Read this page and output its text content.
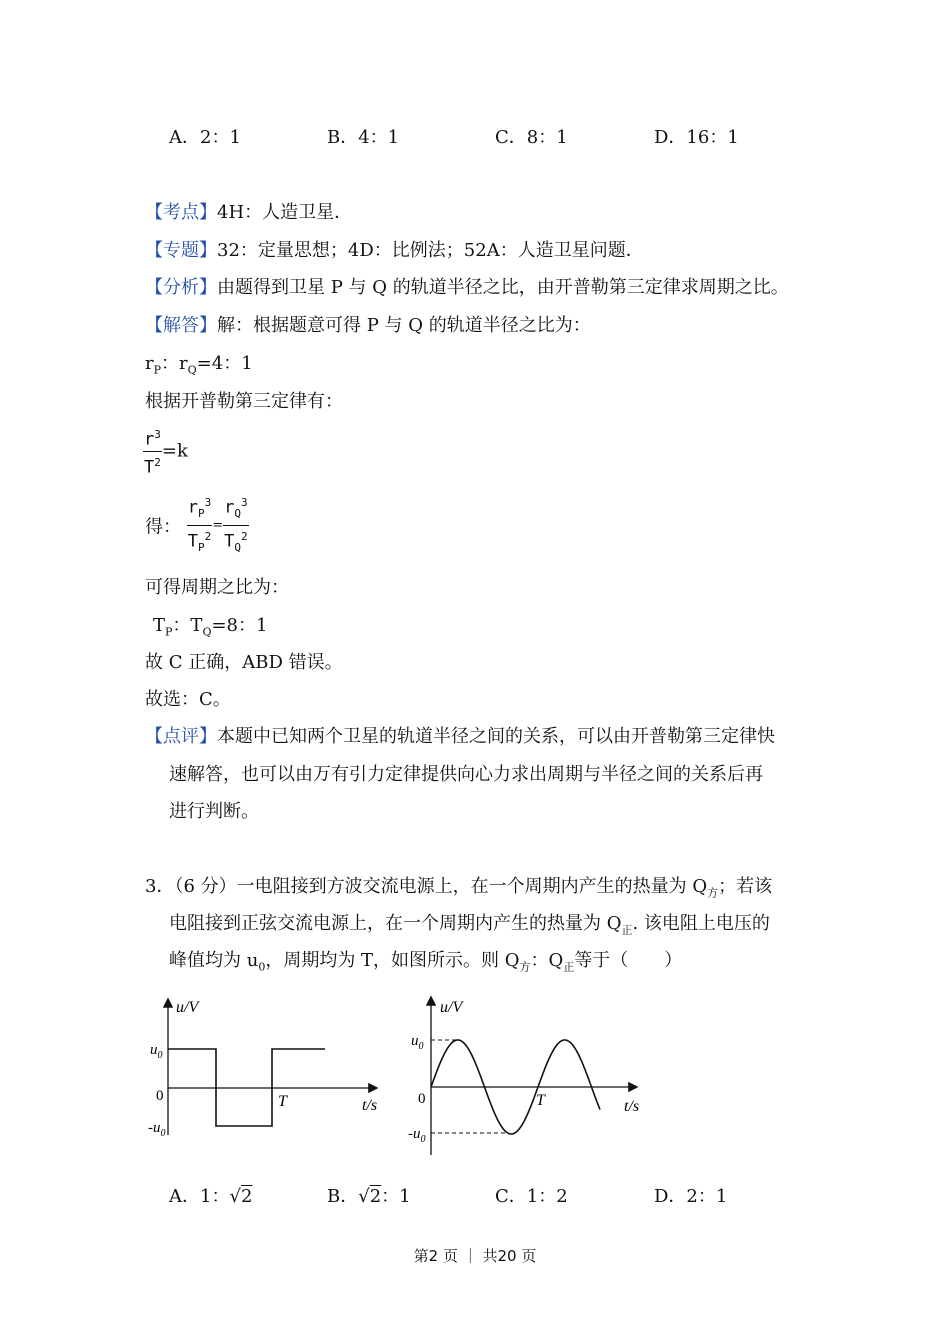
A．2：1	B．4：1	C．8：1	D．16：1
【考点】4H：人造卫星．
【专题】32：定量思想；4D：比例法；52A：人造卫星问题．
【分析】由题得到卫星 P 与 Q 的轨道半径之比，由开普勒第三定律求周期之比。
【解答】解：根据题意可得 P 与 Q 的轨道半径之比为：
$r_P$：$r_Q=4$：1
根据开普勒第三定律有：
$\frac{r^3}{T^2} =k$
得： $\frac{r_P^3}{T_P^2} = \frac{r_Q^3}{T_Q^2}$
可得周期之比为：
$T_P$：$T_Q=8$：1
故 C 正确，ABD 错误。
故选：C。
【点评】本题中已知两个卫星的轨道半径之间的关系，可以由开普勒第三定律快
速解答，也可以由万有引力定律提供向心力求出周期与半径之间的关系后再
进行判断。
3．（6 分）一电阻接到方波交流电源上，在一个周期内产生的热量为 $Q_方$；若该
电阻接到正弦交流电源上，在一个周期内产生的热量为 $Q_正$. 该电阻上电压的
峰值均为 $u_0$，周期均为 T，如图所示。则 $Q_方$：$Q_正$等于（　　）
u/V
$u_0$
0
$-u_0$
T	t/s
u/V
$u_0$
0
$-u_0$
T	t/s
A．1：√2	B．√2：1	C．1：2	D．2：1
第2 页 ｜ 共20 页
